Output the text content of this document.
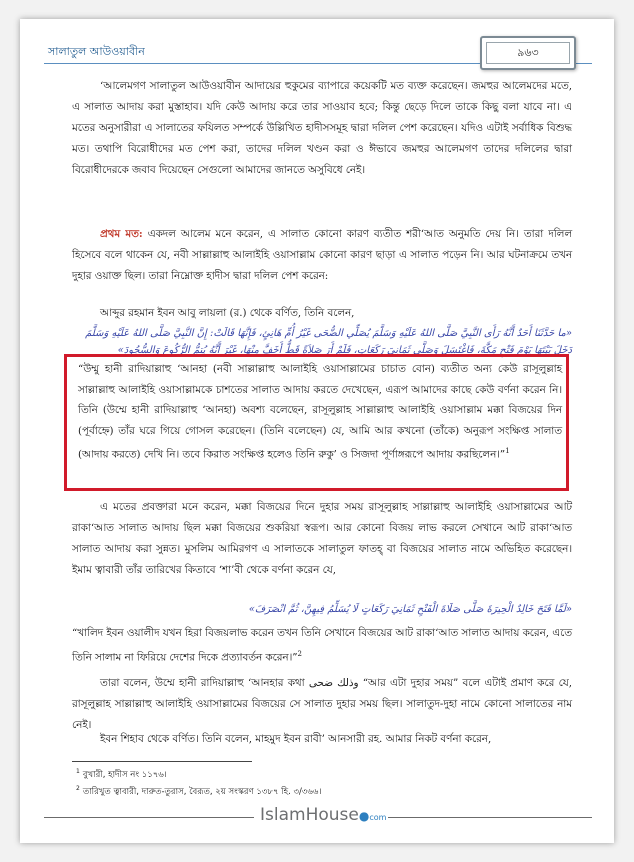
সালাতুল আউওয়াবীন	৯৬৩

‘আলেমগণ সালাতুল আউওয়াবীন আদায়ের হুকুমের ব্যাপারে কয়েকটি মত ব্যক্ত করেছেন। জমহুর আলেমদের মতে, এ সালাত আদায় করা মুস্তাহাব। যদি কেউ আদায় করে তার সাওয়াব হবে; কিন্তু ছেড়ে দিলে তাকে কিছু বলা যাবে না। এ মতের অনুসারীরা এ সালাতের ফযিলত সম্পর্কে উল্লিখিত হাদীসসমূহ দ্বারা দলিল পেশ করেছেন। যদিও এটাই সর্বাধিক বিশুদ্ধ মত। তথাপি বিরোধীদের মত পেশ করা, তাদের দলিল খণ্ডন করা ও ঈভাবে জমহুর আলেমগণ তাদের দলিলের দ্বারা বিরোধীদেরকে জবাব দিয়েছেন সেগুলো আমাদের জানতে অসুবিধে নেই।

প্রথম মত: একদল আলেম মনে করেন, এ সালাত কোনো কারণ ব্যতীত শরী‘আত অনুমতি দেয় নি। তারা দলিল হিসেবে বলে থাকেন যে, নবী সাল্লাল্লাহু আলাইহি ওয়াসাল্লাম কোনো কারণ ছাড়া এ সালাত পড়েন নি। আর ঘটনাক্রমে তখন দুহার ওয়াক্ত ছিল। তারা নিম্নোক্ত হাদীস দ্বারা দলিল পেশ করেন:

আব্দুর রহমান ইবন আবু লায়লা (র.) থেকে বর্ণিত, তিনি বলেন,

«ما حَدَّثَنَا أَحَدٌ أَنَّهُ رَأَى النَّبِيَّ صَلَّى اللهُ عَلَيْهِ وَسَلَّمَ يُصَلِّي الضُّحَى غَيْرُ أُمِّ هَانِئٍ، فَإِنَّهَا قَالَتْ: إِنَّ النَّبِيَّ صَلَّى اللهُ عَلَيْهِ وَسَلَّمَ دَخَلَ بَيْتَهَا يَوْمَ فَتْحِ مَكَّةَ، فَاغْتَسَلَ وَصَلَّى ثَمَانِيَ رَكَعَاتٍ، فَلَمْ أَرَ صَلاَةً قَطُّ أَخَفَّ مِنْهَا، غَيْرَ أَنَّهُ يُتِمُّ الرُّكُوعَ وَالسُّجُودَ»

“উম্মু হানী রাদিয়াল্লাহু ‘আনহা (নবী সাল্লাল্লাহু আলাইহি ওয়াসাল্লামের চাচাত বোন) ব্যতীত অন্য কেউ রাসূলুল্লাহ সাল্লাল্লাহু আলাইহি ওয়াসাল্লামকে চাশতের সালাত আদায় করতে দেখেছেন, এরূপ আমাদের কাছে কেউ বর্ণনা করেন নি। তিনি (উম্মে হানী রাদিয়াল্লাহু ‘আনহা) অবশ্য বলেছেন, রাসূলুল্লাহ সাল্লাল্লাহু আলাইহি ওয়াসাল্লাম মক্কা বিজয়ের দিন (পূর্বাহ্নে) তাঁর ঘরে গিয়ে গোসল করেছেন। (তিনি বলেছেন) যে, আমি আর কখনো (তাঁকে) অনুরূপ সংক্ষিপ্ত সালাত (আদায় করতে) দেখি নি। তবে কিরাত সংক্ষিপ্ত হলেও তিনি রুকু’ ও সিজদা পূর্ণাঙ্গরূপে আদায় করছিলেন।”$^1$

এ মতের প্রবক্তারা মনে করেন, মক্কা বিজয়ের দিনে দুহার সময় রাসূলুল্লাহ সাল্লাল্লাহু আলাইহি ওয়াসাল্লামের আট রাকা‘আত সালাত আদায় ছিল মক্কা বিজয়ের শুকরিয়া স্বরূপ। আর কোনো বিজয় লাভ করলে সেখানে আট রাকা‘আত সালাত আদায় করা সুন্নত। মুসলিম আমিরগণ এ সালাতকে সালাতুল ফাতহ্‌ বা বিজয়ের সালাত নামে অভিহিত করেছেন। ইমাম ত্বাবারী তাঁর তারিখের কিতাবে ‘শা’বী থেকে বর্ণনা করেন যে,

«لَمَّا فَتَحَ خَالِدٌ الْحِيرَةَ صَلَّى صَلَاةَ الْفَتْحِ ثَمَانِيَ رَكَعَاتٍ لَا يُسَلِّمُ فِيهِنَّ، ثُمَّ انْصَرَفَ»

“খালিদ ইবন ওয়ালীদ যখন হিরা বিজয়লাভ করেন তখন তিনি সেখানে বিজয়ের আট রাকা‘আত সালাত আদায় করেন, এতে তিনি সালাম না ফিরিয়ে দেশের দিকে প্রত্যাবর্তন করেন।”$^2$

তারা বলেন, উম্মে হানী রাদিয়াল্লাহু ‘আনহার কথা وذلك ضحى “আর এটা দুহার সময়” বলে এটাই প্রমাণ করে যে, রাসূলুল্লাহ সাল্লাল্লাহু আলাইহি ওয়াসাল্লামের বিজয়ের সে সালাত দুহার সময় ছিল। সালাতুদ-দুহা নামে কোনো সালাতের নাম নেই।

ইবন শিহাব থেকে বর্ণিত। তিনি বলেন, মাহমুদ ইবন রাবী’ আনসারী রহ. আমার নিকট বর্ণনা করেন,

$^1$ বুখারী, হাদীস নং ১১৭৬।
$^2$ তারিখুত ত্বাবারী, দারুত-তুরাস, বৈরূত, ২য় সংস্করণ ১৩৮৭ হি. ৩/৩৬৬।
IslamHouse●com
